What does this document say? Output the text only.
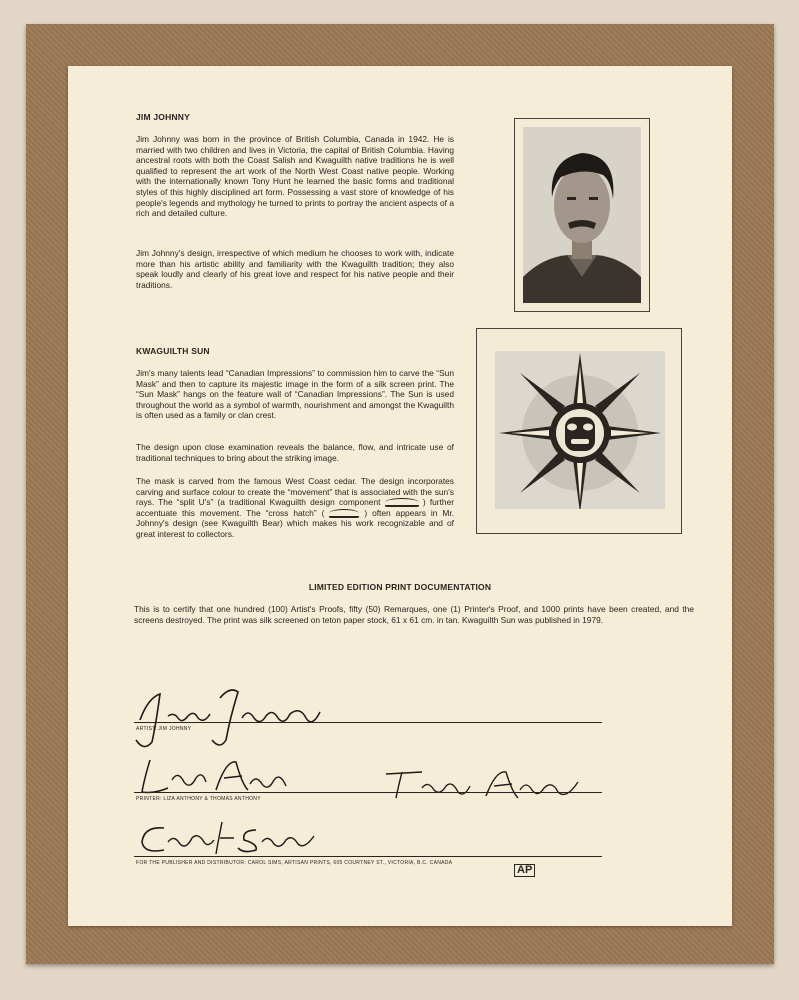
JIM JOHNNY

Jim Johnny was born in the province of British Columbia, Canada in 1942. He is married with two children and lives in Victoria, the capital of British Columbia. Having ancestral roots with both the Coast Salish and Kwaguilth native traditions he is well qualified to represent the art work of the North West Coast native people. Working with the internationally known Tony Hunt he learned the basic forms and traditional styles of this highly disciplined art form. Possessing a vast store of knowledge of his people's legends and mythology he turned to prints to portray the ancient aspects of a rich and detailed culture.

Jim Johnny's design, irrespective of which medium he chooses to work with, indicate more than his artistic ability and familiarity with the Kwaguilth tradition; they also speak loudly and clearly of his great love and respect for his native people and their traditions.

KWAGUILTH SUN

Jim's many talents lead “Canadian Impressions” to commission him to carve the “Sun Mask” and then to capture its majestic image in the form of a silk screen print. The “Sun Mask” hangs on the feature wall of “Canadian Impressions”. The Sun is used throughout the world as a symbol of warmth, nourishment and amongst the Kwaguilth is often used as a family or clan crest.

The design upon close examination reveals the balance, flow, and intricate use of traditional techniques to bring about the striking image.

The mask is carved from the famous West Coast cedar. The design incorporates carving and surface colour to create the “movement” that is associated with the sun's rays. The “split U's” (a traditional Kwaguilth design component	) further accentuate this movement. The “cross hatch” (	) often appears in Mr. Johnny's design (see Kwaguilth Bear) which makes his work recognizable and of great interest to collectors.

LIMITED EDITION PRINT DOCUMENTATION

This is to certify that one hundred (100) Artist's Proofs, fifty (50) Remarques, one (1) Printer's Proof, and 1000 prints have been created, and the screens destroyed. The print was silk screened on teton paper stock, 61 x 61 cm. in tan. Kwaguilth Sun was published in 1979.

ARTIST: JIM JOHNNY
PRINTER: LIZA ANTHONY & THOMAS ANTHONY
FOR THE PUBLISHER AND DISTRIBUTOR: CAROL SIMS, ARTISAN PRINTS, 605 COURTNEY ST., VICTORIA, B.C. CANADA
AP
